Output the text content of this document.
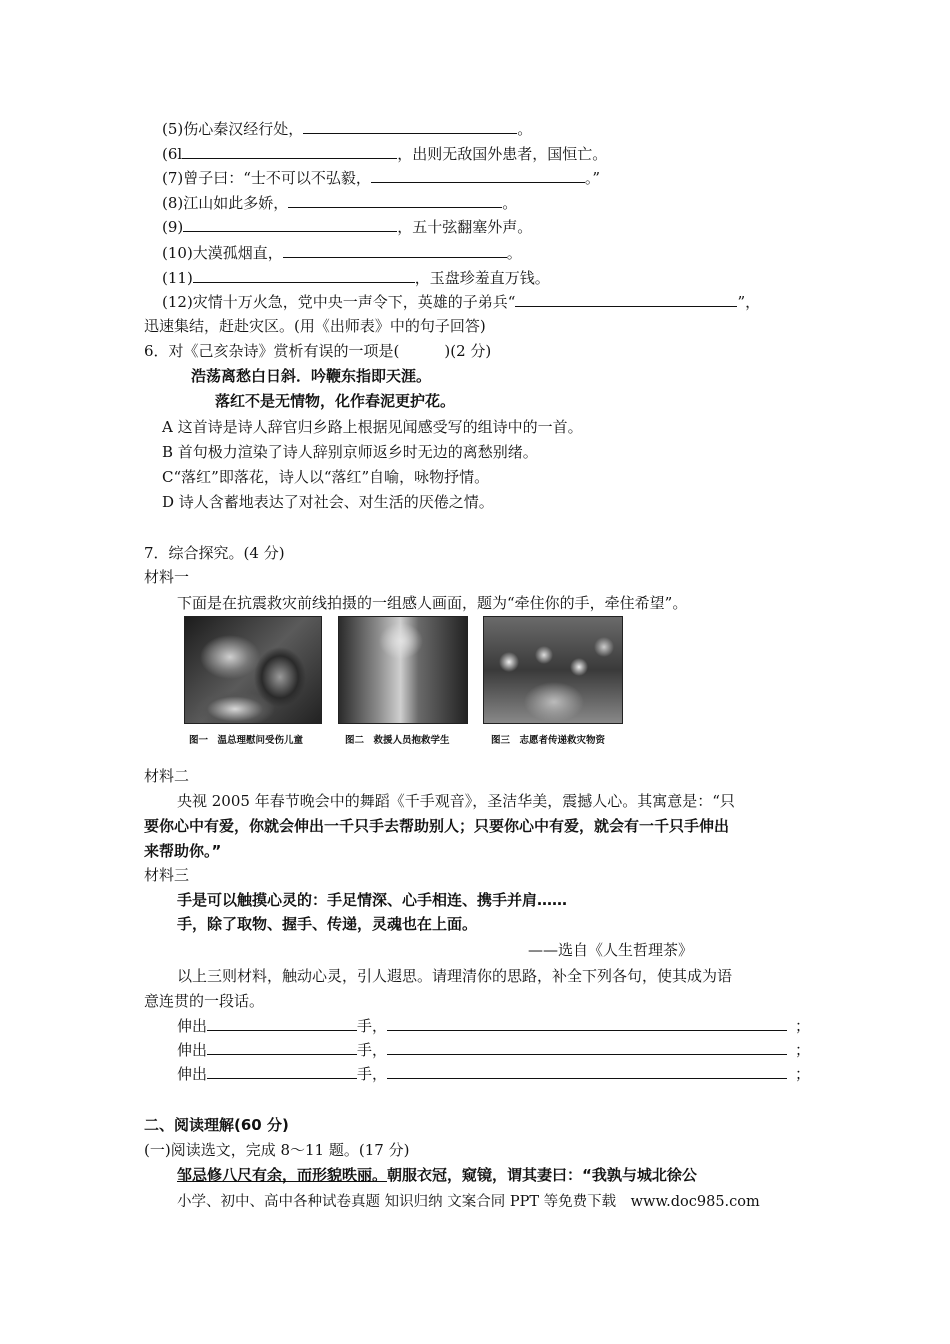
(5)伤心秦汉经行处，	。
(6l	，出则无敌国外患者，国恒亡。
(7)曾子曰：“士不可以不弘毅，	。”
(8)江山如此多娇，	。
(9)	，五十弦翻塞外声。
(10)大漠孤烟直，	。
(11)	，玉盘珍羞直万钱。
(12)灾情十万火急，党中央一声令下，英雄的子弟兵“	”，
迅速集结，赶赴灾区。(用《出师表》中的句子回答)
6．对《己亥杂诗》赏析有误的一项是(　　　)(2 分)
浩荡离愁白日斜．吟鞭东指即天涯。
落红不是无情物，化作春泥更护花。
A 这首诗是诗人辞官归乡路上根据见闻感受写的组诗中的一首。
B 首句极力渲染了诗人辞别京师返乡时无边的离愁别绪。
C“落红”即落花，诗人以“落红”自喻，咏物抒情。
D 诗人含蓄地表达了对社会、对生活的厌倦之情。
7．综合探究。(4 分)
材料一
下面是在抗震救灾前线拍摄的一组感人画面，题为“牵住你的手，牵住希望”。
图一　温总理慰问受伤儿童	图二　救援人员抱救学生	图三　志愿者传递救灾物资
材料二
央视 2005 年春节晚会中的舞蹈《千手观音》，圣洁华美，震撼人心。其寓意是：“只
要你心中有爱，你就会伸出一千只手去帮助别人；只要你心中有爱，就会有一千只手伸出
来帮助你。”
材料三
手是可以触摸心灵的：手足情深、心手相连、携手并肩……
手，除了取物、握手、传递，灵魂也在上面。
——选自《人生哲理茶》
以上三则材料，触动心灵，引人遐思。请理清你的思路，补全下列各句，使其成为语
意连贯的一段话。
伸出	手，	；
伸出	手，	；
伸出	手，	；
二、阅读理解(60 分)
(一)阅读选文，完成 8～11 题。(17 分)
邹忌修八尺有余，而形貌昳丽。朝服衣冠，窥镜，谓其妻曰：“我孰与城北徐公
小学、初中、高中各种试卷真题 知识归纳 文案合同 PPT 等免费下载　www.doc985.com
